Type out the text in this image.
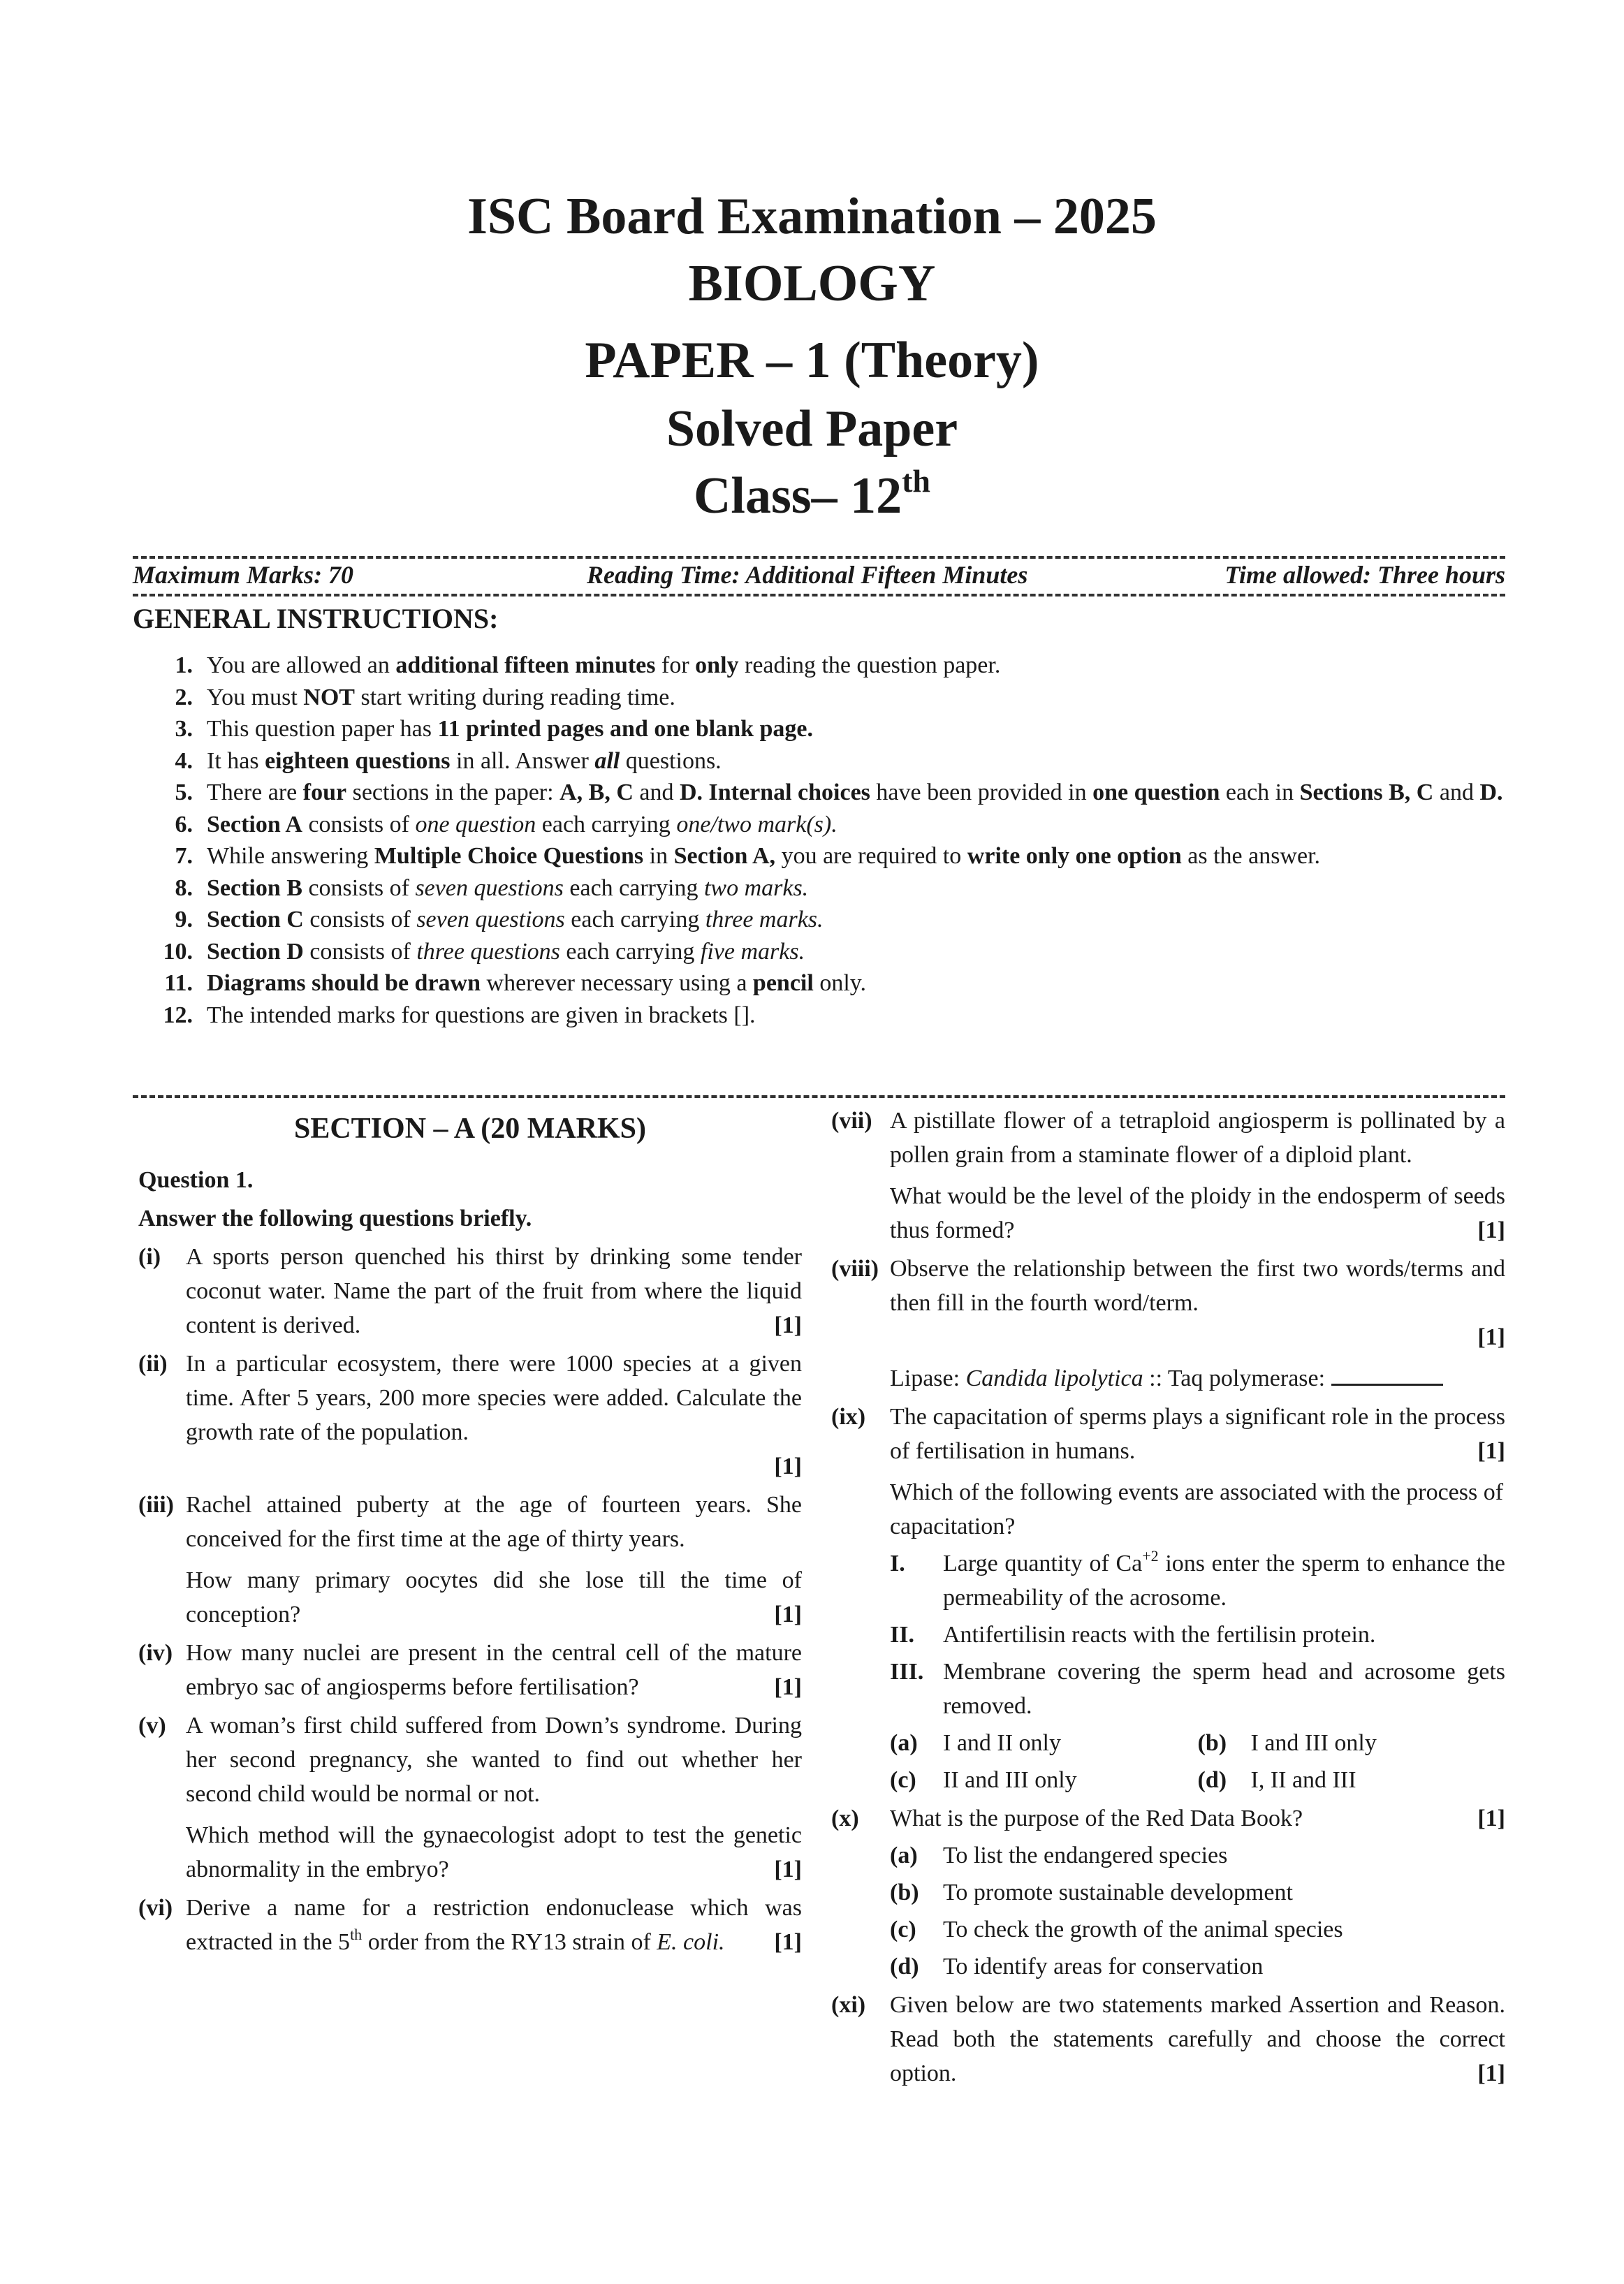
ISC Board Examination – 2025
BIOLOGY
PAPER – 1 (Theory)
Solved Paper
Class– 12th
Maximum Marks: 70	Reading Time: Additional Fifteen Minutes	Time allowed: Three hours
GENERAL INSTRUCTIONS:
1. You are allowed an additional fifteen minutes for only reading the question paper.
2. You must NOT start writing during reading time.
3. This question paper has 11 printed pages and one blank page.
4. It has eighteen questions in all. Answer all questions.
5. There are four sections in the paper: A, B, C and D. Internal choices have been provided in one question each in Sections B, C and D.
6. Section A consists of one question each carrying one/two mark(s).
7. While answering Multiple Choice Questions in Section A, you are required to write only one option as the answer.
8. Section B consists of seven questions each carrying two marks.
9. Section C consists of seven questions each carrying three marks.
10. Section D consists of three questions each carrying five marks.
11. Diagrams should be drawn wherever necessary using a pencil only.
12. The intended marks for questions are given in brackets [].
SECTION – A (20 MARKS)
Question 1.
Answer the following questions briefly.
(i)	A sports person quenched his thirst by drinking some tender coconut water. Name the part of the fruit from where the liquid content is derived.	[1]
(ii) In a particular ecosystem, there were 1000 species at a given time. After 5 years, 200 more species were added. Calculate the growth rate of the population.
[1]
(iii) Rachel attained puberty at the age of fourteen years. She conceived for the first time at the age of thirty years.
How many primary oocytes did she lose till the time of conception?	[1]
(iv) How many nuclei are present in the central cell of the mature embryo sac of angiosperms before fertilisation?	[1]
(v) A woman’s first child suffered from Down’s syndrome. During her second pregnancy, she wanted to find out whether her second child would be normal or not.
Which method will the gynaecologist adopt to test the genetic abnormality in the embryo?	[1]
(vi) Derive a name for a restriction endonuclease which was extracted in the 5th order from the RY13 strain of E. coli. [1]
(vii) A pistillate flower of a tetraploid angiosperm is pollinated by a pollen grain from a staminate flower of a diploid plant.
What would be the level of the ploidy in the endosperm of seeds thus formed?	[1]
(viii) Observe the relationship between the first two words/terms and then fill in the fourth word/term.
[1]
Lipase: Candida lipolytica :: Taq polymerase:
(ix)	The capacitation of sperms plays a significant role in the process of fertilisation in humans.	[1]
Which of the following events are associated with the process of capacitation?
I.	Large quantity of $Ca^{+2}$ ions enter the sperm to enhance the permeability of the acrosome.
II.	Antifertilisin reacts with the fertilisin protein.
III. Membrane covering the sperm head and acrosome gets removed.
(a)	I and II only	(b)	I and III only
(c)	II and III only	(d)	I, II and III
(x)	What is the purpose of the Red Data Book?	[1]
(a)	To list the endangered species
(b)	To promote sustainable development
(c)	To check the growth of the animal species
(d)	To identify areas for conservation
(xi)	Given below are two statements marked Assertion and Reason. Read both the statements carefully and choose the correct option.	[1]
